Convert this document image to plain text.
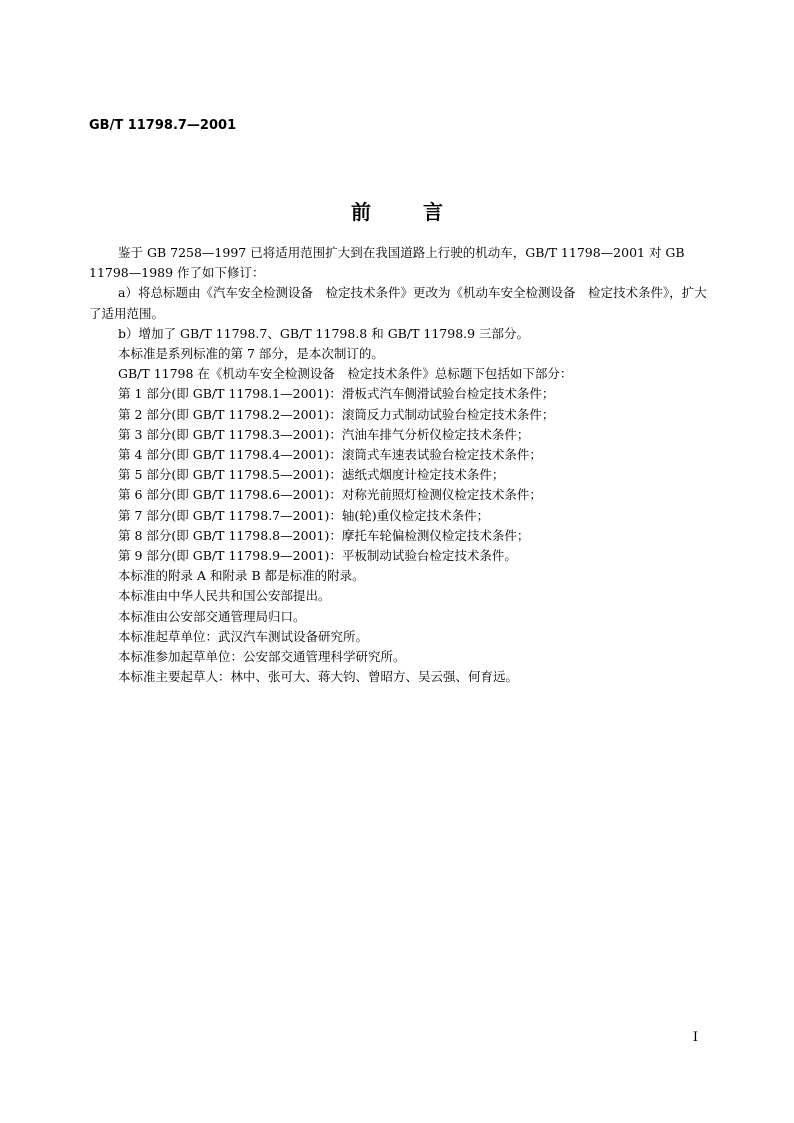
GB/T 11798.7—2001
前	言

鉴于 GB 7258—1997 已将适用范围扩大到在我国道路上行驶的机动车，GB/T 11798—2001 对 GB 11798—1989 作了如下修订：

a）将总标题由《汽车安全检测设备　检定技术条件》更改为《机动车安全检测设备　检定技术条件》，扩大了适用范围。

b）增加了 GB/T 11798.7、GB/T 11798.8 和 GB/T 11798.9 三部分。

本标准是系列标准的第 7 部分，是本次制订的。

GB/T 11798 在《机动车安全检测设备　检定技术条件》总标题下包括如下部分：

第 1 部分(即 GB/T 11798.1—2001)：滑板式汽车侧滑试验台检定技术条件；

第 2 部分(即 GB/T 11798.2—2001)：滚筒反力式制动试验台检定技术条件；

第 3 部分(即 GB/T 11798.3—2001)：汽油车排气分析仪检定技术条件；

第 4 部分(即 GB/T 11798.4—2001)：滚筒式车速表试验台检定技术条件；

第 5 部分(即 GB/T 11798.5—2001)：滤纸式烟度计检定技术条件；

第 6 部分(即 GB/T 11798.6—2001)：对称光前照灯检测仪检定技术条件；

第 7 部分(即 GB/T 11798.7—2001)：轴(轮)重仪检定技术条件；

第 8 部分(即 GB/T 11798.8—2001)：摩托车轮偏检测仪检定技术条件；

第 9 部分(即 GB/T 11798.9—2001)：平板制动试验台检定技术条件。

本标准的附录 A 和附录 B 都是标准的附录。

本标准由中华人民共和国公安部提出。

本标准由公安部交通管理局归口。

本标准起草单位：武汉汽车测试设备研究所。

本标准参加起草单位：公安部交通管理科学研究所。

本标准主要起草人：林中、张可大、蒋大钧、曾昭方、吴云强、何育远。

I
